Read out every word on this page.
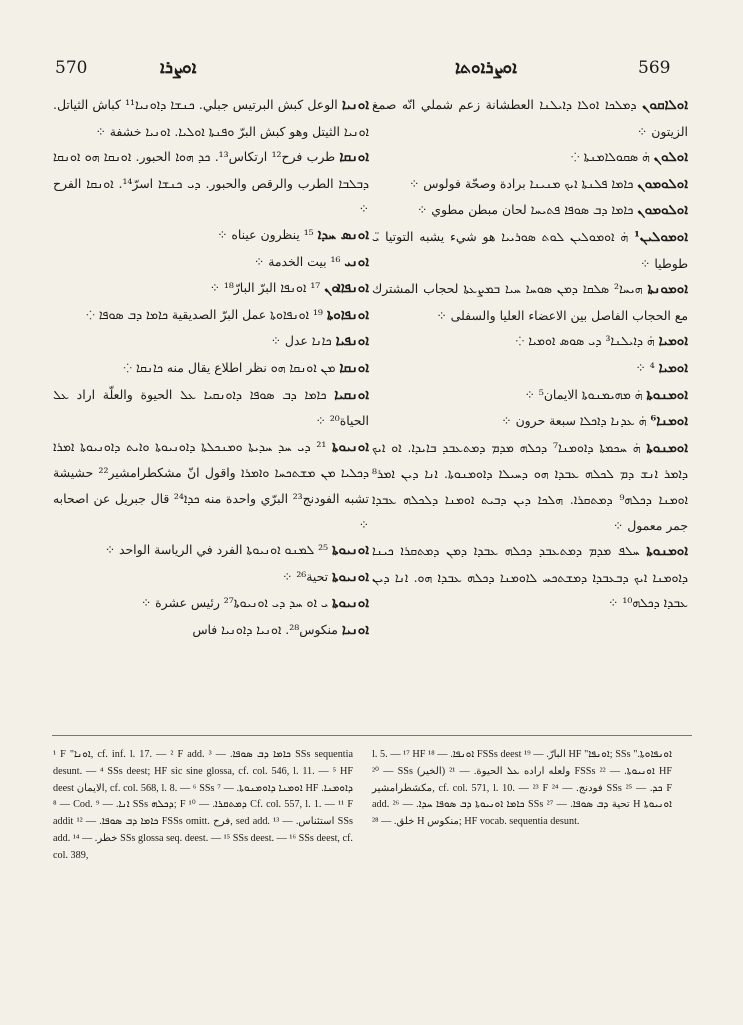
570	ܐܘܨܪܐ	ܐܘܨܪܐܘܬܐ	569

ܐܘܢܝܐ الوعل كبش البرتيس جبلي. ܟܢܫܐ ܕܐܘܢܝܐ¹¹ كباش الثياتل. ܐܘܢܝܐ الثيتل وهو كبش البرّ ܘܦܢܬܐ ܐܘܠܝܐ. ܐܘܢܝܐ خشفة ⁘

ܐܘܢܩܐ طرب فرح¹² ارتكاس¹³. ܟܕ ܗܘܐ الحبور. ܐܘܢܩܐ ܗܘ ܐܘܢܩܐ ܕܒܠܒܐ الطرب والرقص والحبور. ܕܝ ܟܢܫܐ اسرّ¹⁴. ܐܘܢܩܐ الفرح ⁘

ܐܘܢܣ ܚܕܐ ¹⁵ ينظرون عيناه ⁘

ܐܘܢܝ ¹⁶ بيت الخدمة ⁘

ܐܘܢܦܐܐܘܢ ¹⁷ ܐܘܢܦܐ البرّ البارّ¹⁸ ⁘

ܐܘܢܦܐܘܬܐ ¹⁹ ܐܘܢܦܐܘܬܐ عمل البرّ الصديقية ܟܐܡܐ ܕܒ ܣܘܦܐ ⁘

ܐܘܢܦܝܐ ܟܐܢܐ عدل ⁘

ܐܘܢܩܐ ܡܢ ܐܘܢܩܐ ܗܘ نظر اطلاع يقال منه ܟܐܢܩܐ ⁘

ܐܘܢܩܝܐ ܟܐܡܐ ܕܒ ܣܘܦܐ ܕܐܘܢܩܝܐ ܥܠ الحيوة والعلّة اراد ܥܠ الحياة²⁰ ⁘

ܐܘܢܝܘܬܐ ²¹ ܕܝ ܚܕ ܚܕܝܬܐ ܘܡܢܟܠܬܐ ܕܐܘܢܝܘܬܐ ܘܐܝܬ ܕܐܘܢܝܘܬܐ ܐܡܪܐ ܕܟܠܝܐ ܡܢ ܡܫܬܟܚܐ ܘܐܡܪܐ واقول انّ مشكطرامشير²² حشيشة تشبه الفودنج²³ البرّي واحدة منه ܟܕܐ²⁴ قال جبريل عن اصحابه ⁘

ܐܘܢܝܘܬܐ ²⁵ ܠܡܢܘ ܐܘܢܝܘܬܐ الفرد في الرياسة الواحد ⁘

ܐܘܢܝܘܬܐ تحية²⁶ ⁘

ܐܘܢܝܘܬܐ ܝ ܐܘ ܚܕ ܕܝ ܐܘܢܝܘܬܐ²⁷ رئيس عشرة ⁘

ܐܘܢܝܐ منكوس²⁸. ܐܘܢܝܐ ܕܐܘܢܝܐ فاس

ܐܘܠܐܩܘܢ ܕܡܠܟܐ ܐܘܠܐ ܕܐܝܠܢܐ العطشانة زعم شملي انّه صمغ الزيتون ⁘

ܐܘܠܘܢ ܗ̇ ܣܩܘܠܐܡܢܬܐ ⁘

ܐܘܠܘܡܘܢ ܟܐܡܐ ܦܠܢܬܐ ܐܝܟ ܡܢܝܢܐ برادة وصحّة فولوس ⁘

ܐܘܠܘܡܘܢ ܟܐܡܐ ܕܒ ܣܘܦܐ ܦܬܝܚܐ لحان مبطن مطوي ⁘

ܐܘܡܘܠܝܢ¹ ܗ̇ ܐܘܡܘܠܝܢ ܠܘܬ ܣܘܪܝܝܐ هو شيء يشبه التوتيا ܝ̈ طوطيا ⁘

ܐܘܡܘܢܬܐ ܗܝܚܐ² ܣܠܩܐ ܕܡܢ ܣܘܚܐ ܚܝܐ ܒܡܨܥܬܐ لحجاب المشترك مع الحجاب الفاصل بين الاعضاء العليا والسفلى ⁘

ܐܘܡܝܐ ܗ̇ ܕܐܝܠܢܐ³ ܕܝ ܣܘܣ ܐܘܡܝܐ ⁘

ܐܘܡܝܐ ⁴ ⁘

ܐܘܡܢܘܬܐ ܗ̇ ܡܗܝܡܢܘܬܐ الايمان⁵ ⁘

ܐܘܡܢܐ⁶ ܗ̇ ܥܕܢܐ ܕܐܟܠܐ سبعة حرون ⁘

ܐܘܡܢܘܬܐ ܗ̇ ܚܟܡܬܐ ܕܐܘܡܢܐ⁷ ܕܟܠܗ ܡܕܡ ܕܡܬܥܒܕ ܒܐܝܕܐ. ܐܘ ܐܝܟ ܕܐܡܪ ܐܢܫ ܕܡ ܠܟܠܗ ܥܒܕܐ ܗܘ ܕܚܝܠܐ ܕܐܘܡܢܘܬܐ. ܐܢܐ ܕܝܢ ܐܡܪ⁸ ܐܘܡܢܐ ܕܟܠܗ⁹ ܕܡܬܩܪܐ. ܗܠܟܐ ܕܝܢ ܕܒܝܬ ܐܘܡܢܐ ܕܠܟܠܗ ܥܒܕܐ جمر معمول ⁘

ܐܘܡܢܘܬܐ ܚܠܦ ܡܕܡ ܕܡܬܥܒܕ ܕܟܠܗ ܥܒܕܐ ܕܡܢ ܕܡܬܩܪܐ ܟܝܢܐ ܕܐܘܡܢܐ ܐܝܟ ܕܒܥܒܕܐ ܕܡܫܬܟܚ ܠܐܘܡܢܐ ܕܟܠܗ ܥܒܕܐ ܗܘ. ܐܢܐ ܕܝܢ ܥܒܕܐ ܕܟܠܗ¹⁰ ⁘

¹ F "ܐܘܢܐ, cf. inf. l. 17. — ² F add. ܟܐܡܐ ܕܒ ܣܘܦܐ. — ³ SSs sequentia desunt. — ⁴ SSs deest; HF sic sine glossa, cf. col. 546, l. 11. — ⁵ HF deest الايمان, cf. col. 568, l. 8. — ⁶ SSs ܐܘܡܢܐ ܕܐܘܡܢܘܬܐ. — ⁷ HF ܕܐܘܡܢܐ. — ⁸ Cod. ܐܢܐ. — ⁹ SSs ܕܟܠܗ; F ܕܡܬܩܪܐ. — ¹⁰ Cf. col. 557, l. 1. — ¹¹ F addit ܟܐܡܐ ܕܒ ܣܘܦܐ. — ¹² FSSs omitt. فرح, sed add. استئناس. — ¹³ SSs add. خطر. — ¹⁴ SSs glossa seq. deest. — ¹⁵ SSs deest. — ¹⁶ SSs deest, cf. col. 389,

l. 5. — ¹⁷ HF ܐܘܢܦܐ. — ¹⁸ FSSs deest البارّ. — ¹⁹ HF "ܐܘܢܦܐ; SSs "ܐܘܢܦܐܘܬܐ. — ²⁰ SSs (الخير) ولعله اراده ܥܠ الحيوة. — ²¹ FSSs ܐܘܢܝܘܬܐ. — ²² HF مكشطرامشير, cf. col. 571, l. 10. — ²³ F فودنج. — ²⁴ SSs ܟܕ. — ²⁵ F add. ܟܐܡܐ ܐܘܢܝܘܬܐ ܕܒ ܣܘܦܐ ܚܕܐ. — ²⁶ SSs تحية ܕܒ ܣܘܦܐ. — ²⁷ H ܐܘܢܝܘܬܐ خلق. — ²⁸ H منكوس; HF vocab. sequentia desunt.
